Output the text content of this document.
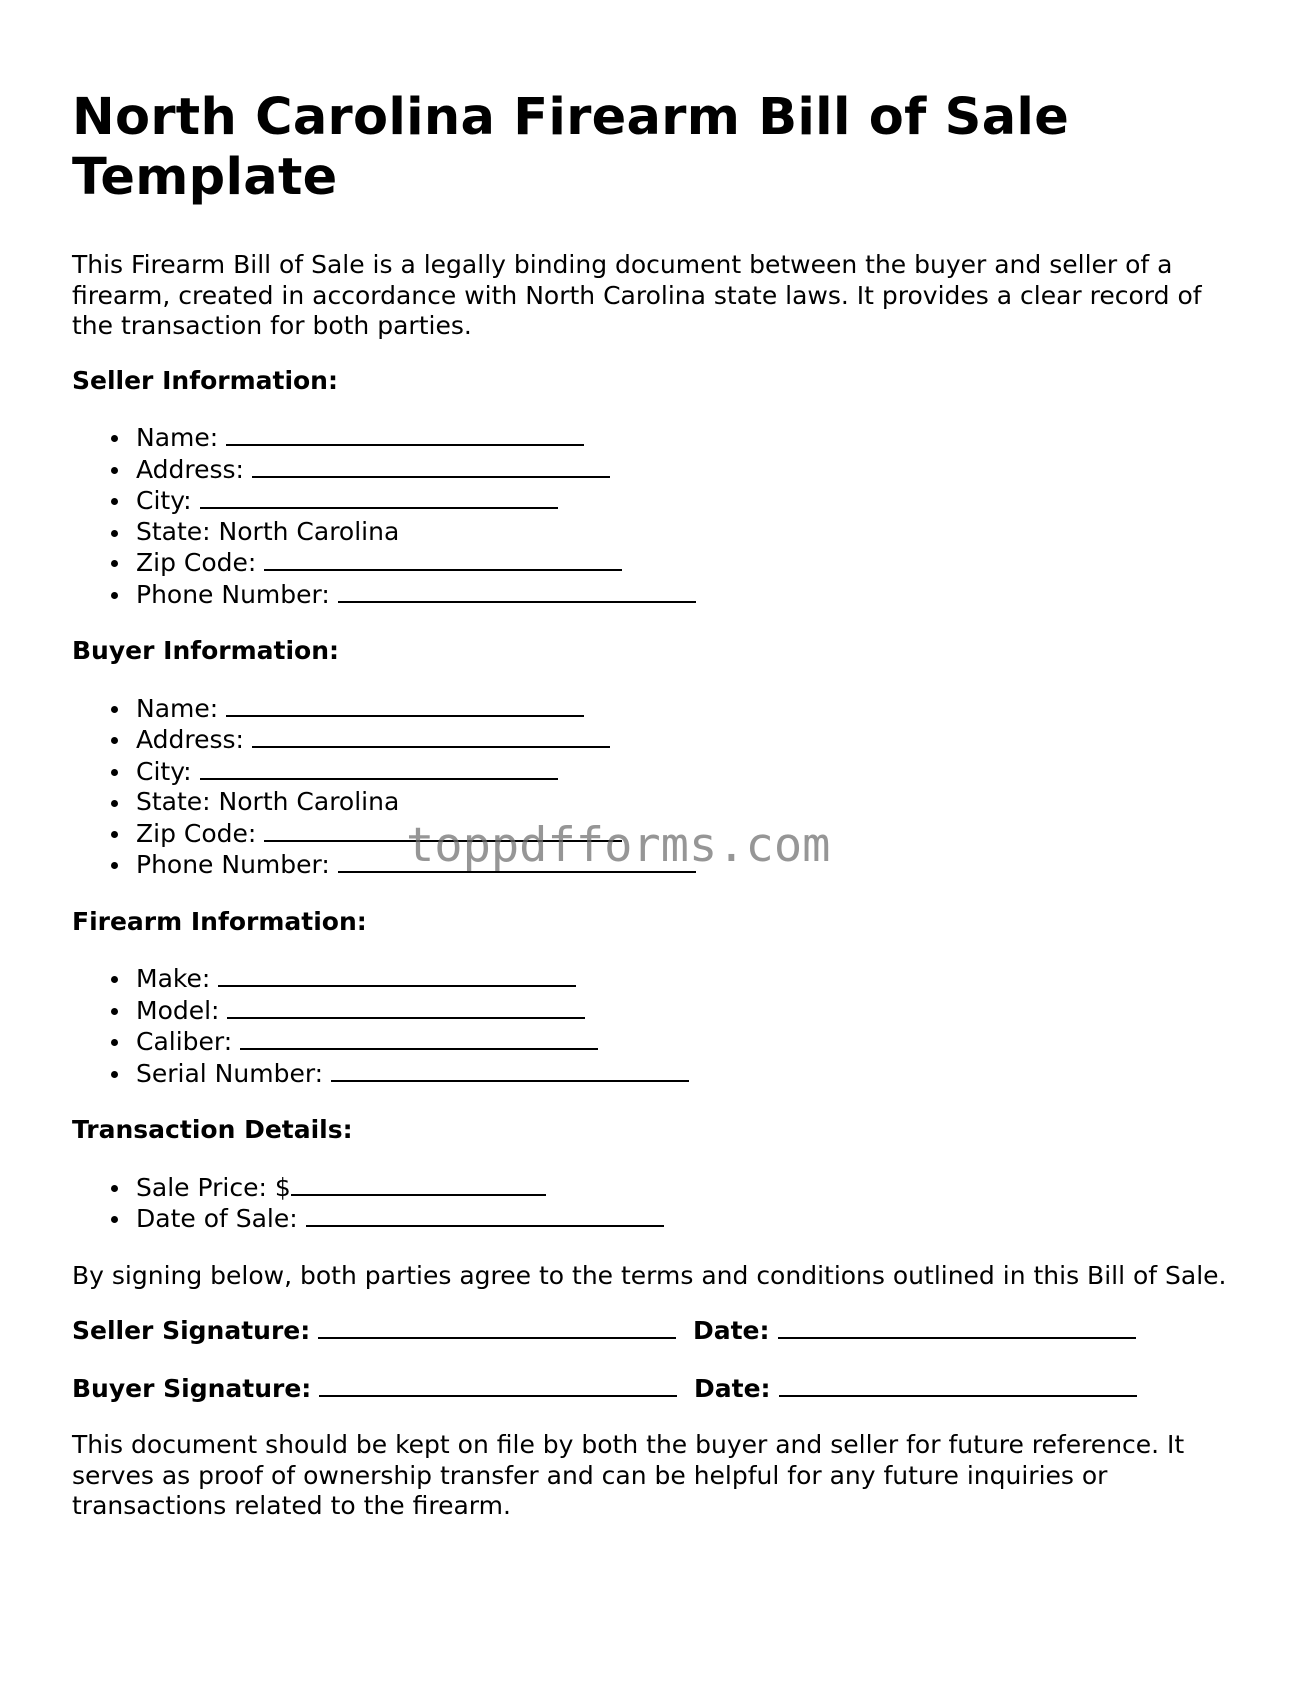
North Carolina Firearm Bill of Sale Template

This Firearm Bill of Sale is a legally binding document between the buyer and seller of a firearm, created in accordance with North Carolina state laws. It provides a clear record of the transaction for both parties.

Seller Information:
Name:
Address:
City:
State: North Carolina
Zip Code:
Phone Number:
Buyer Information:
Name:
Address:
City:
State: North Carolina
Zip Code:
Phone Number:
Firearm Information:
Make:
Model:
Caliber:
Serial Number:
Transaction Details:
Sale Price: $
Date of Sale:

By signing below, both parties agree to the terms and conditions outlined in this Bill of Sale.

Seller Signature:	Date:
Buyer Signature:	Date:

This document should be kept on file by both the buyer and seller for future reference. It serves as proof of ownership transfer and can be helpful for any future inquiries or transactions related to the firearm.

toppdfforms.com
